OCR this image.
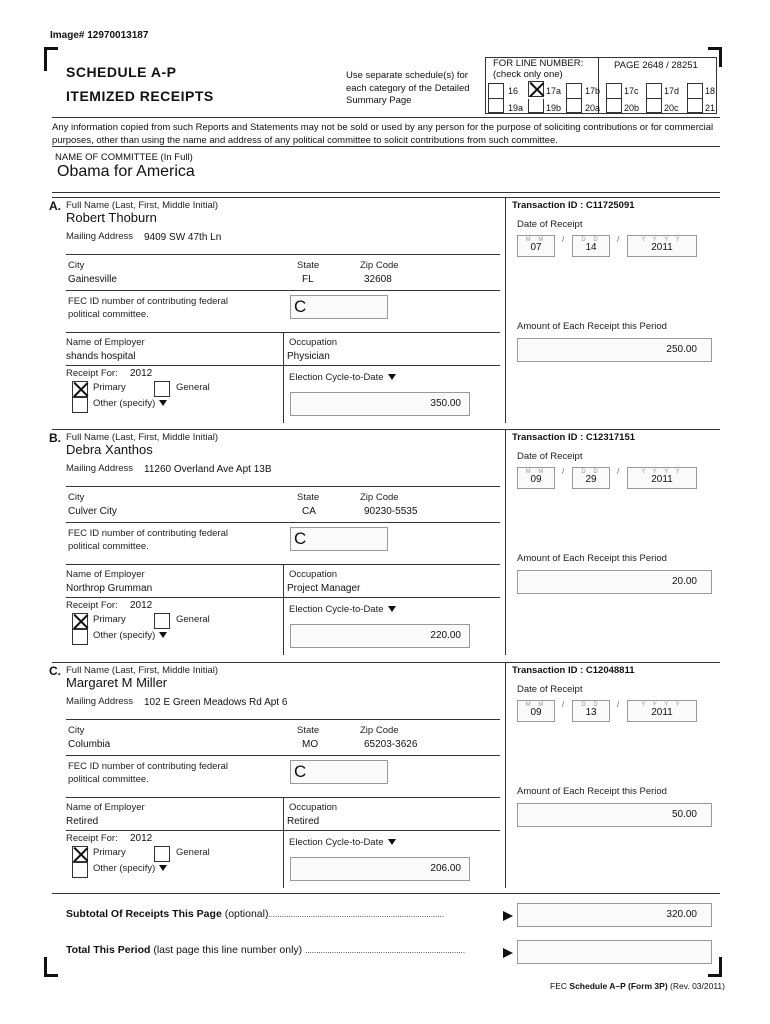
Image# 12970013187
SCHEDULE A-P
ITEMIZED RECEIPTS
Use separate schedule(s) for each category of the Detailed Summary Page
FOR LINE NUMBER:
(check only one)
PAGE 2648 / 28251
16	17a	17b	17c	17d	18
19a	19b	20a	20b	20c	21
Any information copied from such Reports and Statements may not be sold or used by any person for the purpose of soliciting contributions or for commercial purposes, other than using the name and address of any political committee to solicit contributions from such committee.
NAME OF COMMITTEE (In Full)
Obama for America
A. Full Name (Last, First, Middle Initial)
Robert Thoburn
Mailing Address 9409 SW 47th Ln
City
Gainesville
State
FL
Zip Code
32608
FEC ID number of contributing federal political committee.	C
Name of Employer
shands hospital
Occupation
Physician
Receipt For: 2012
Primary	General
Other (specify)
Election Cycle-to-Date
350.00
Transaction ID : C11725091
Date of Receipt
M M
07
/	D D
14
/	Y Y Y Y
2011
Amount of Each Receipt this Period
250.00
B. Full Name (Last, First, Middle Initial)
Debra Xanthos
Mailing Address 11260 Overland Ave Apt 13B
City
Culver City
State
CA
Zip Code
90230-5535
FEC ID number of contributing federal political committee.	C
Name of Employer
Northrop Grumman
Occupation
Project Manager
Receipt For: 2012
Primary	General
Other (specify)
Election Cycle-to-Date
220.00
Transaction ID : C12317151
Date of Receipt
M M
09
/	D D
29
/	Y Y Y Y
2011
Amount of Each Receipt this Period
20.00
C. Full Name (Last, First, Middle Initial)
Margaret M Miller
Mailing Address 102 E Green Meadows Rd Apt 6
City
Columbia
State
MO
Zip Code
65203-3626
FEC ID number of contributing federal political committee.	C
Name of Employer
Retired
Occupation
Retired
Receipt For: 2012
Primary	General
Other (specify)
Election Cycle-to-Date
206.00
Transaction ID : C12048811
Date of Receipt
M M
09
/	D D
13
/	Y Y Y Y
2011
Amount of Each Receipt this Period
50.00
Subtotal Of Receipts This Page (optional)...............................................................................	320.00
Total This Period (last page this line number only) ........................................................................
FEC Schedule A–P (Form 3P) (Rev. 03/2011)
